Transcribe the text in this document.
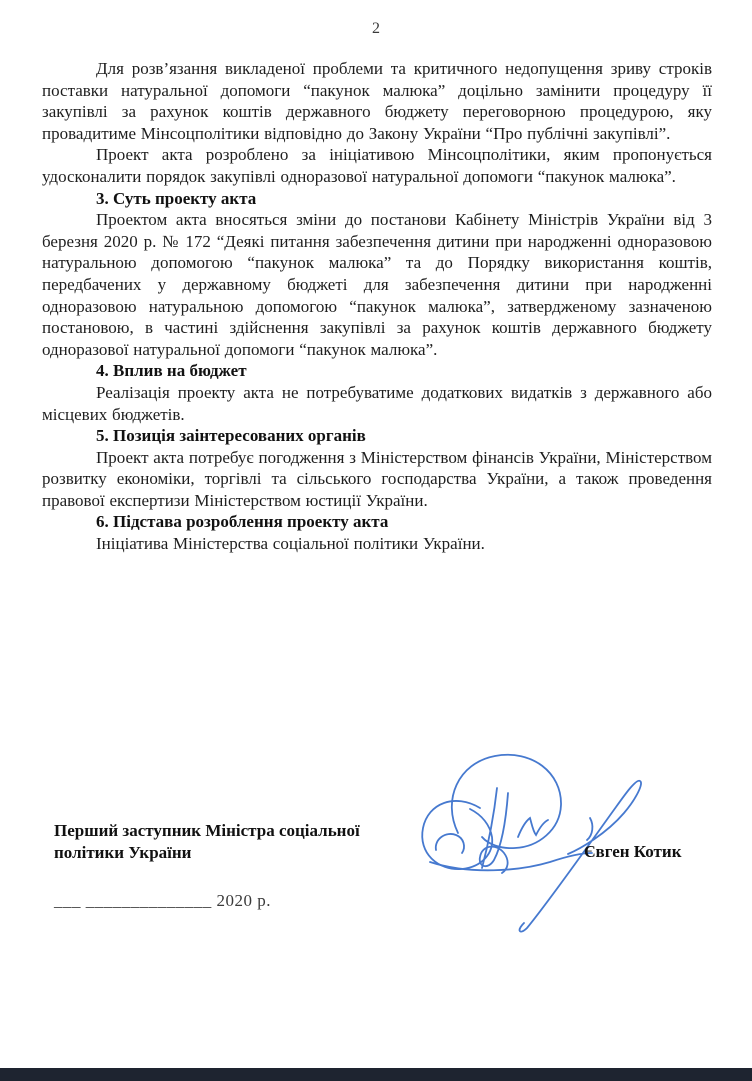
2

Для розв’язання викладеної проблеми та критичного недопущення зриву строків поставки натуральної допомоги “пакунок малюка” доцільно замінити процедуру її закупівлі за рахунок коштів державного бюджету переговорною процедурою, яку провадитиме Мінсоцполітики відповідно до Закону України “Про публічні закупівлі”.

Проект акта розроблено за ініціативою Мінсоцполітики, яким пропонується удосконалити порядок закупівлі одноразової натуральної допомоги “пакунок малюка”.

3. Суть проекту акта

Проектом акта вносяться зміни до постанови Кабінету Міністрів України від 3 березня 2020 р. № 172 “Деякі питання забезпечення дитини при народженні одноразовою натуральною допомогою “пакунок малюка” та до Порядку використання коштів, передбачених у державному бюджеті для забезпечення дитини при народженні одноразовою натуральною допомогою “пакунок малюка”, затвердженому зазначеною постановою, в частині здійснення закупівлі за рахунок коштів державного бюджету одноразової натуральної допомоги “пакунок малюка”.

4. Вплив на бюджет

Реалізація проекту акта не потребуватиме додаткових видатків з державного або місцевих бюджетів.

5. Позиція заінтересованих органів

Проект акта потребує погодження з Міністерством фінансів України, Міністерством розвитку економіки, торгівлі та сільського господарства України, а також проведення правової експертизи Міністерством юстиції України.

6. Підстава розроблення проекту акта

Ініціатива Міністерства соціальної політики України.

Перший заступник Міністра соціальної
політики України	Євген Котик
___ ______________ 2020 р.
